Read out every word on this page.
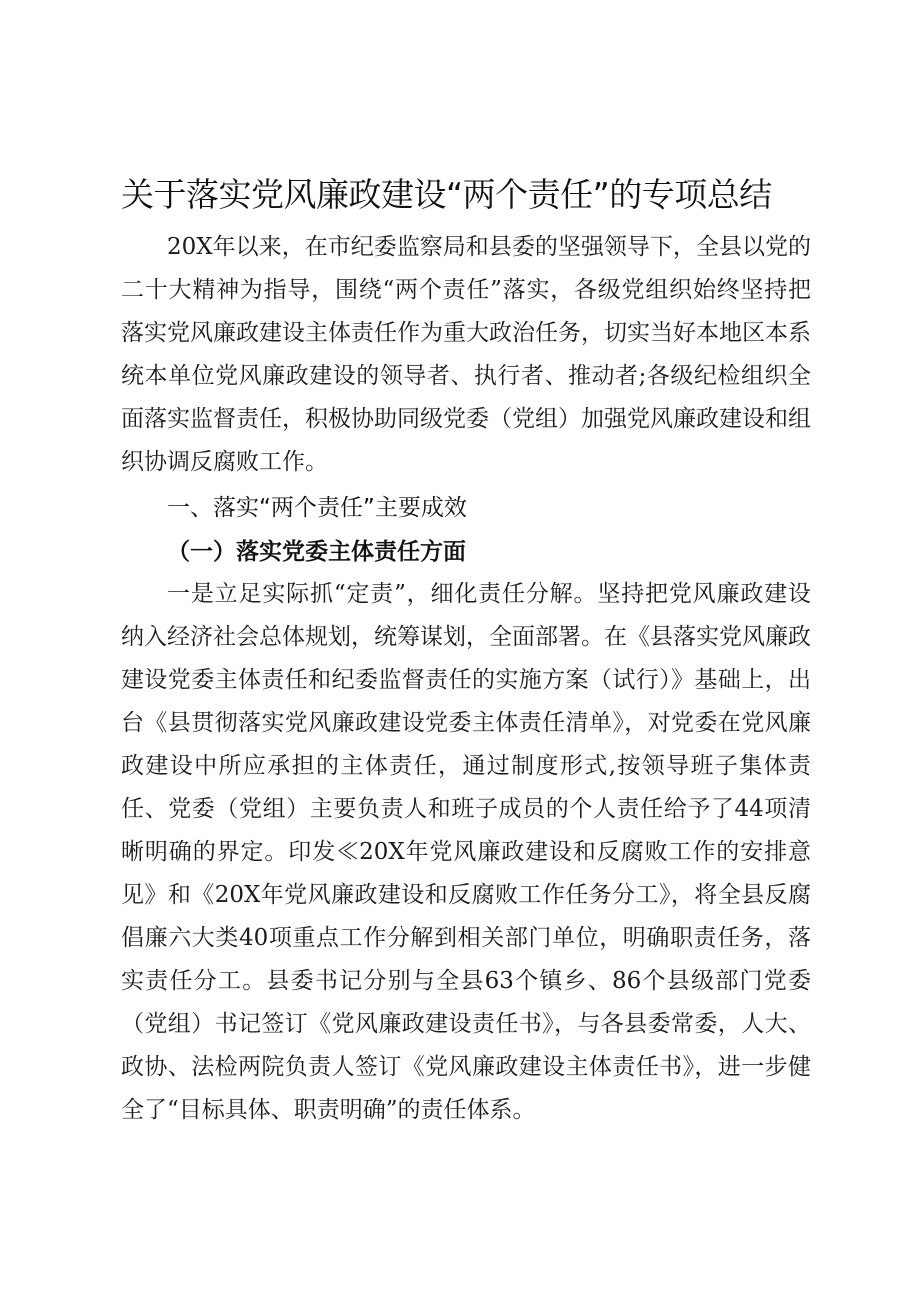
关于落实党风廉政建设“两个责任”的专项总结

20X年以来，在市纪委监察局和县委的坚强领导下，全县以党的二十大精神为指导，围绕“两个责任”落实，各级党组织始终坚持把落实党风廉政建设主体责任作为重大政治任务，切实当好本地区本系统本单位党风廉政建设的领导者、执行者、推动者;各级纪检组织全面落实监督责任，积极协助同级党委（党组）加强党风廉政建设和组织协调反腐败工作。

一、落实“两个责任”主要成效
（一）落实党委主体责任方面

一是立足实际抓“定责”，细化责任分解。坚持把党风廉政建设纳入经济社会总体规划，统筹谋划，全面部署。在《县落实党风廉政建设党委主体责任和纪委监督责任的实施方案（试行）》基础上，出台《县贯彻落实党风廉政建设党委主体责任清单》，对党委在党风廉政建设中所应承担的主体责任，通过制度形式,按领导班子集体责任、党委（党组）主要负责人和班子成员的个人责任给予了44项清晰明确的界定。印发≪20X年党风廉政建设和反腐败工作的安排意见》和《20X年党风廉政建设和反腐败工作任务分工》，将全县反腐倡廉六大类40项重点工作分解到相关部门单位，明确职责任务，落实责任分工。县委书记分别与全县63个镇乡、86个县级部门党委（党组）书记签订《党风廉政建设责任书》，与各县委常委，人大、政协、法检两院负责人签订《党风廉政建设主体责任书》，进一步健全了“目标具体、职责明确”的责任体系。
